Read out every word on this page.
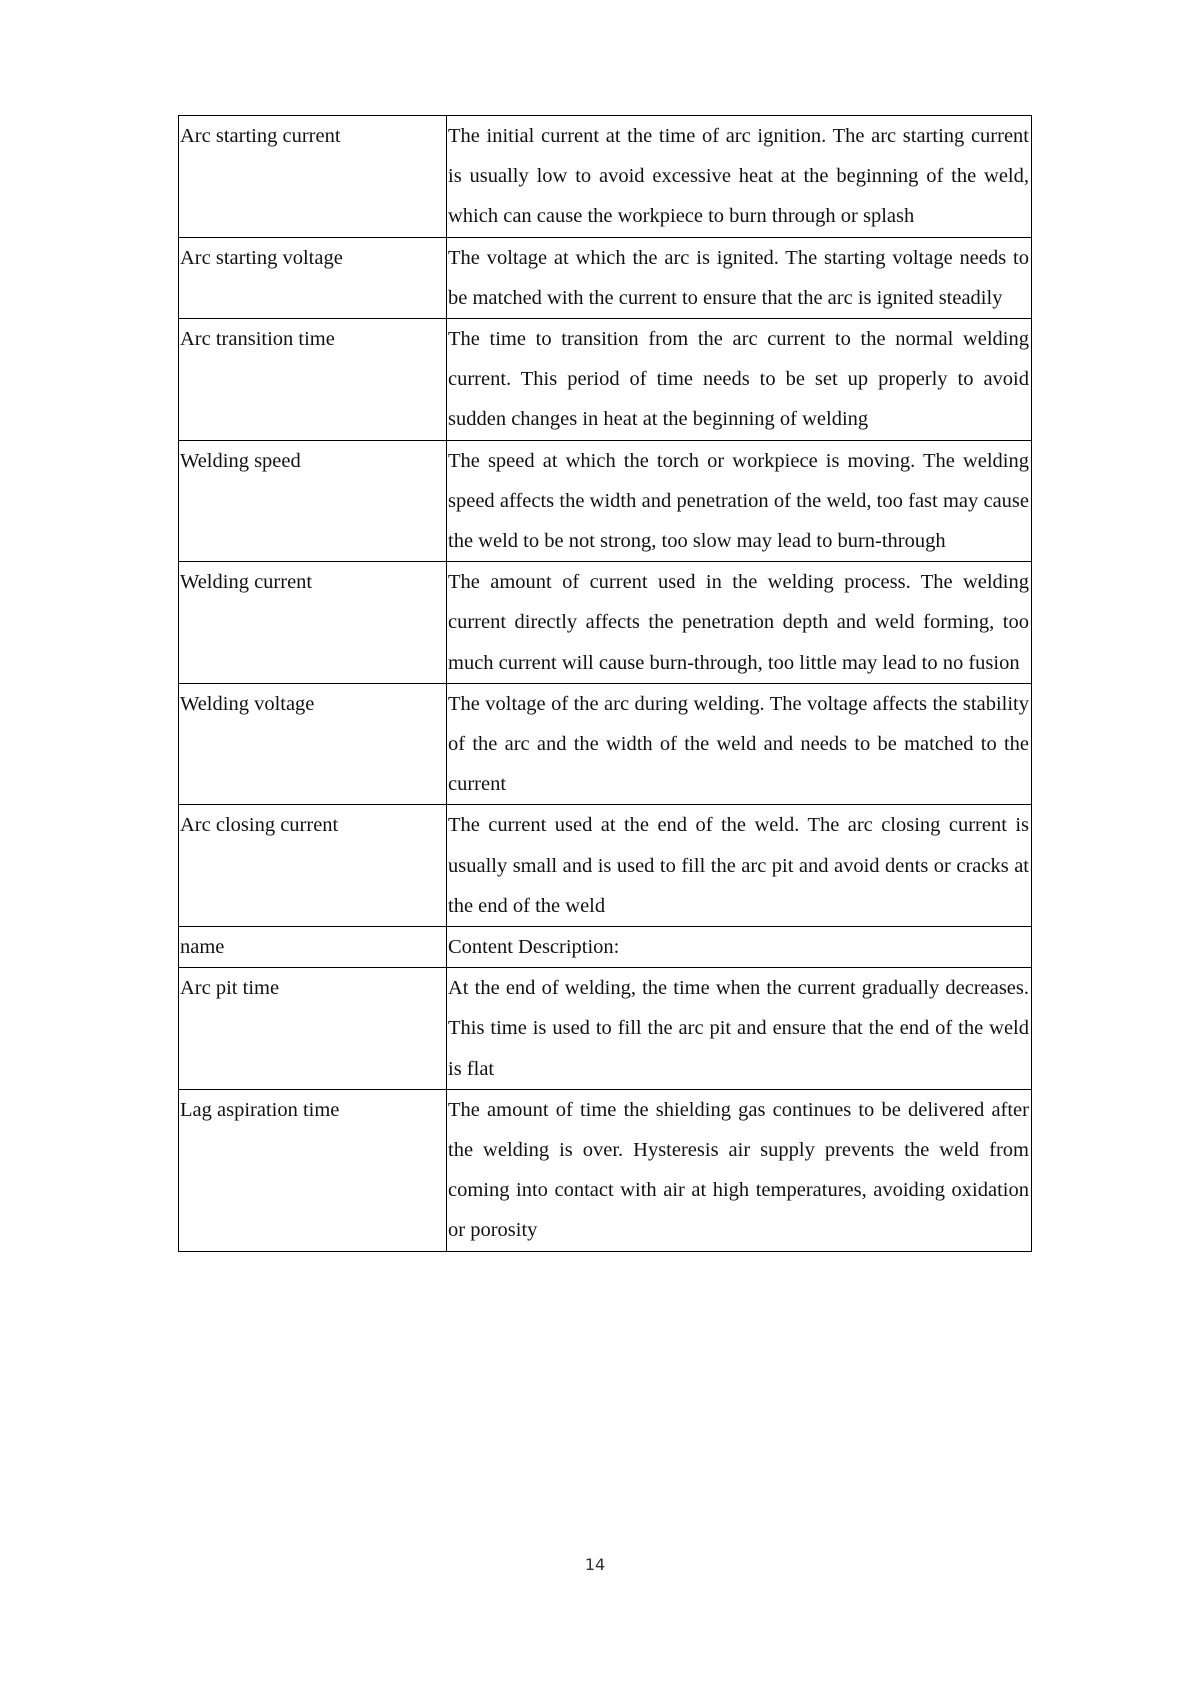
Arc starting current	The initial current at the time of arc ignition. The arc starting current is usually low to avoid excessive heat at the beginning of the weld, which can cause the workpiece to burn through or splash
Arc starting voltage	The voltage at which the arc is ignited. The starting voltage needs to be matched with the current to ensure that the arc is ignited steadily
Arc transition time	The time to transition from the arc current to the normal welding current. This period of time needs to be set up properly to avoid sudden changes in heat at the beginning of welding
Welding speed	The speed at which the torch or workpiece is moving. The welding speed affects the width and penetration of the weld, too fast may cause the weld to be not strong, too slow may lead to burn-through
Welding current	The amount of current used in the welding process. The welding current directly affects the penetration depth and weld forming, too much current will cause burn-through, too little may lead to no fusion
Welding voltage	The voltage of the arc during welding. The voltage affects the stability of the arc and the width of the weld and needs to be matched to the current
Arc closing current	The current used at the end of the weld. The arc closing current is usually small and is used to fill the arc pit and avoid dents or cracks at the end of the weld
name	Content Description:
Arc pit time	At the end of welding, the time when the current gradually decreases. This time is used to fill the arc pit and ensure that the end of the weld is flat
Lag aspiration time	The amount of time the shielding gas continues to be delivered after the welding is over. Hysteresis air supply prevents the weld from coming into contact with air at high temperatures, avoiding oxidation or porosity
14
